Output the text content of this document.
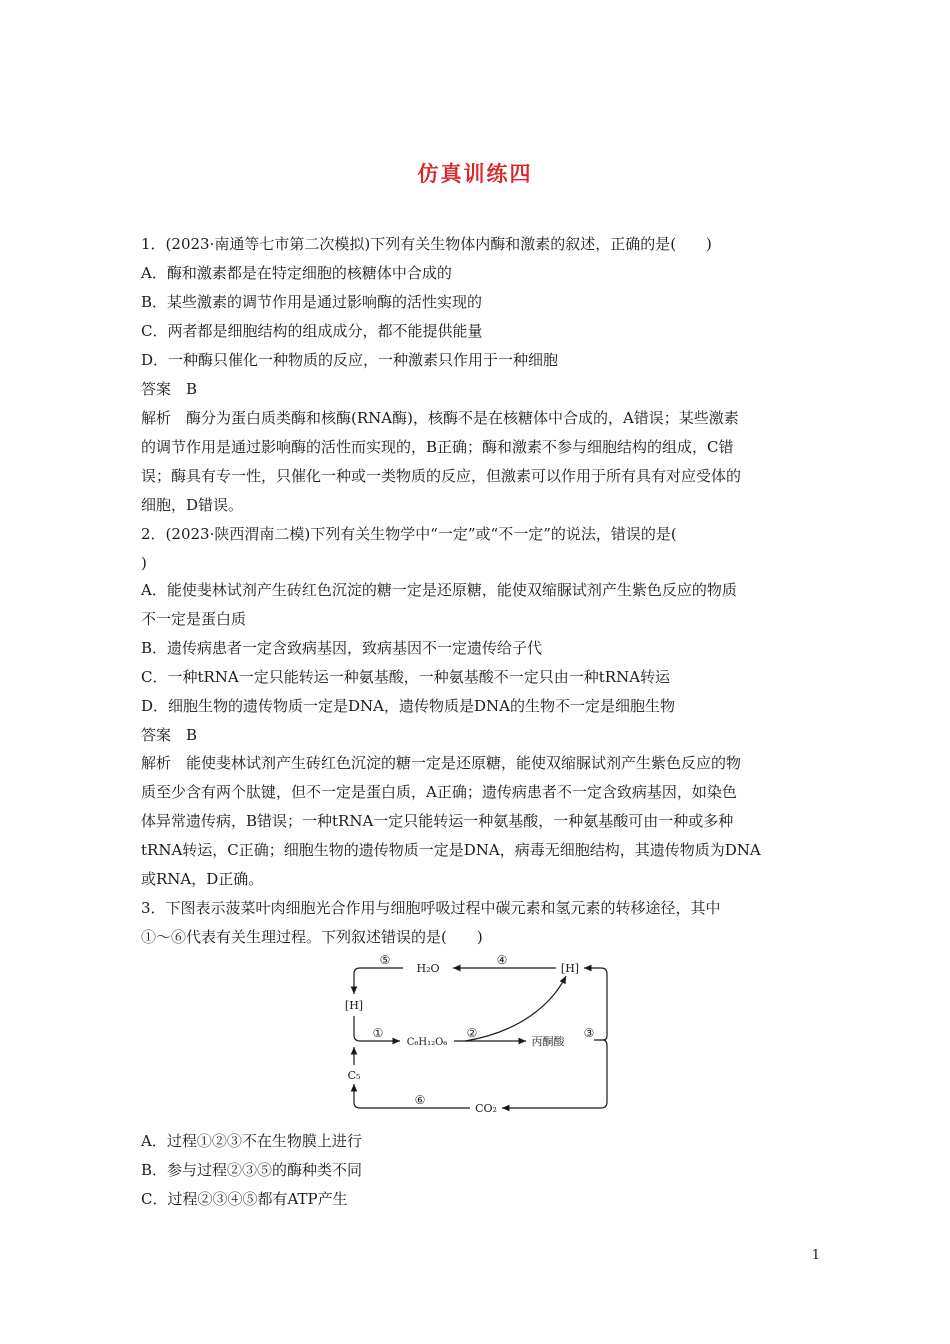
仿真训练四
1．(2023·南通等七市第二次模拟)下列有关生物体内酶和激素的叙述，正确的是(　　)
A．酶和激素都是在特定细胞的核糖体中合成的
B．某些激素的调节作用是通过影响酶的活性实现的
C．两者都是细胞结构的组成成分，都不能提供能量
D．一种酶只催化一种物质的反应，一种激素只作用于一种细胞
答案　B
解析　酶分为蛋白质类酶和核酶(RNA酶)，核酶不是在核糖体中合成的，A错误；某些激素
的调节作用是通过影响酶的活性而实现的，B正确；酶和激素不参与细胞结构的组成，C错
误；酶具有专一性，只催化一种或一类物质的反应，但激素可以作用于所有具有对应受体的
细胞，D错误。
2．(2023·陕西渭南二模)下列有关生物学中“一定”或“不一定”的说法，错误的是(
)
A．能使斐林试剂产生砖红色沉淀的糖一定是还原糖，能使双缩脲试剂产生紫色反应的物质
不一定是蛋白质
B．遗传病患者一定含致病基因，致病基因不一定遗传给子代
C．一种tRNA一定只能转运一种氨基酸，一种氨基酸不一定只由一种tRNA转运
D．细胞生物的遗传物质一定是DNA，遗传物质是DNA的生物不一定是细胞生物
答案　B
解析　能使斐林试剂产生砖红色沉淀的糖一定是还原糖，能使双缩脲试剂产生紫色反应的物
质至少含有两个肽键，但不一定是蛋白质，A正确；遗传病患者不一定含致病基因，如染色
体异常遗传病，B错误；一种tRNA一定只能转运一种氨基酸，一种氨基酸可由一种或多种
tRNA转运，C正确；细胞生物的遗传物质一定是DNA，病毒无细胞结构，其遗传物质为DNA
或RNA，D正确。
3．下图表示菠菜叶肉细胞光合作用与细胞呼吸过程中碳元素和氢元素的转移途径，其中
①～⑥代表有关生理过程。下列叙述错误的是(　　)
H₂O	[H]
[H]
C₆H₁₂O₆	丙酮酸
C₅
CO₂
⑤	④
①	②	③
⑥
A．过程①②③不在生物膜上进行
B．参与过程②③⑤的酶种类不同
C．过程②③④⑤都有ATP产生
1
